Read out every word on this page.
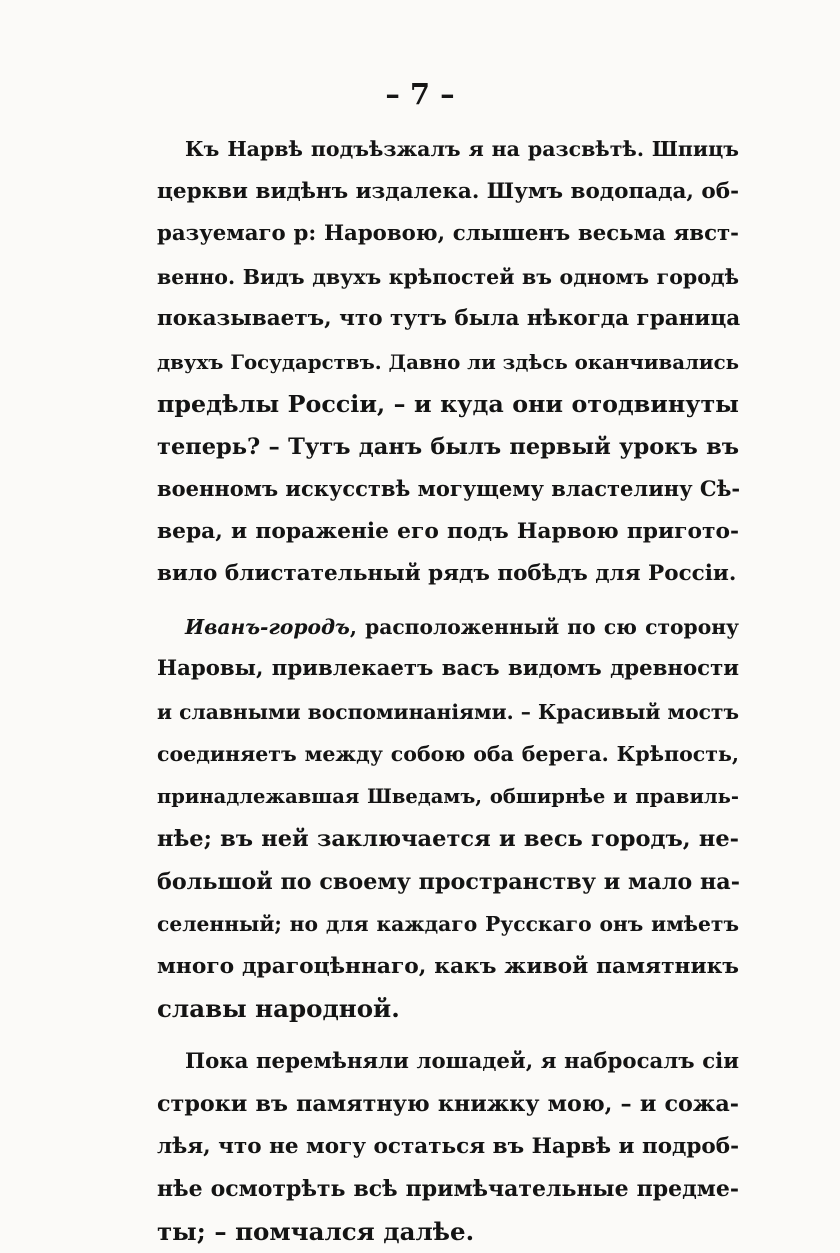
– 7 –
Къ Нарвѣ подъѣзжалъ я на разсвѣтѣ. Шпицъ
церкви видѣнъ издалека. Шумъ водопада, об-
разуемаго р: Наровою, слышенъ весьма явст-
венно. Видъ двухъ крѣпостей въ одномъ городѣ
показываетъ, что тутъ была нѣкогда граница
двухъ Государствъ. Давно ли здѣсь оканчивались
предѣлы Россіи, – и куда они отодвинуты
теперь? – Тутъ данъ былъ первый урокъ въ
военномъ искусствѣ могущему властелину Сѣ-
вера, и пораженіе его подъ Нарвою пригото-
вило блистательный рядъ побѣдъ для Россіи.
Иванъ-городъ, расположенный по сю сторону
Наровы, привлекаетъ васъ видомъ древности
и славными воспоминаніями. – Красивый мостъ
соединяетъ между собою оба берега. Крѣпость,
принадлежавшая Шведамъ, обширнѣе и правиль-
нѣе; въ ней заключается и весь городъ, не-
большой по своему пространству и мало на-
селенный; но для каждаго Русскаго онъ имѣетъ
много драгоцѣннаго, какъ живой памятникъ
славы народной.
Пока перемѣняли лошадей, я набросалъ сіи
строки въ памятную книжку мою, – и сожа-
лѣя, что не могу остаться въ Нарвѣ и подроб-
нѣе осмотрѣть всѣ примѣчательные предме-
ты; – помчался далѣе.
